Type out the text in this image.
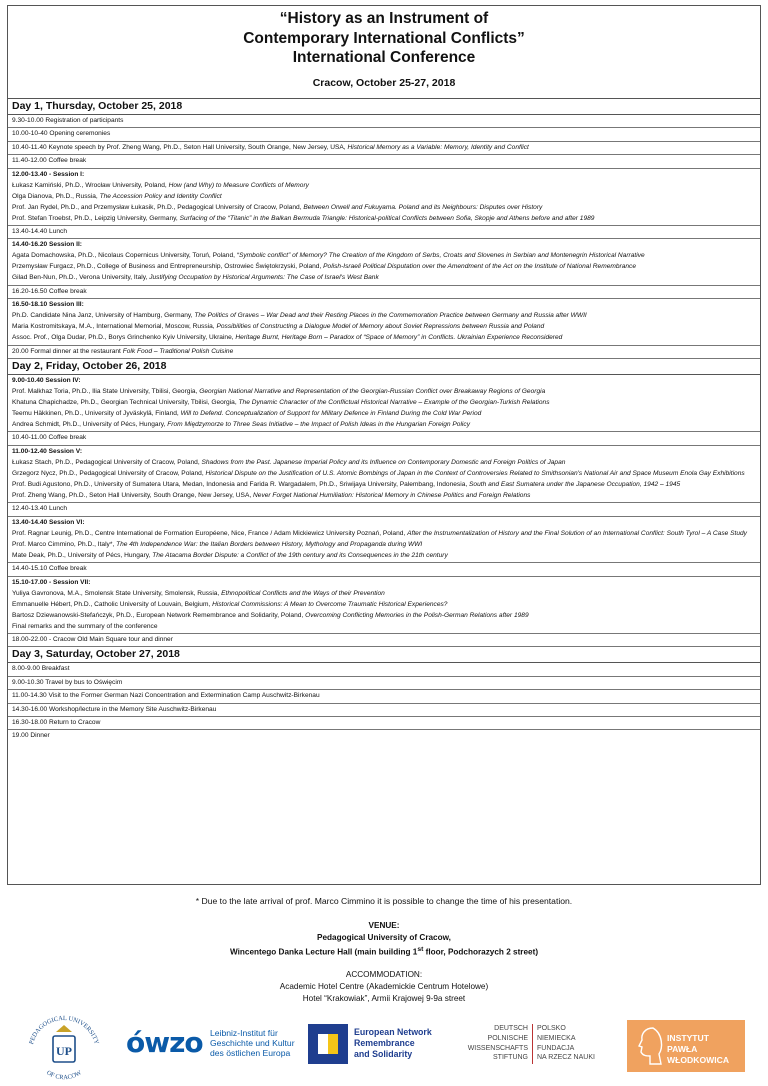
“History as an Instrument of
Contemporary International Conflicts”
International Conference
Cracow, October 25-27, 2018
Day 1, Thursday, October 25, 2018

9.30-10.00 Registration of participants

10.00-10-40 Opening ceremonies

10.40-11.40 Keynote speech by Prof. Zheng Wang, Ph.D., Seton Hall University, South Orange, New Jersey, USA, Historical Memory as a Variable: Memory, Identity and Conflict

11.40-12.00 Coffee break

12.00-13.40 - Session I:

Łukasz Kamiński, Ph.D., Wrocław University, Poland, How (and Why) to Measure Conflicts of Memory

Olga Dianova, Ph.D., Russia, The Accession Policy and Identity Conflict

Prof. Jan Rydel, Ph.D., and Przemysław Łukasik, Ph.D., Pedagogical University of Cracow, Poland, Between Orwell and Fukuyama. Poland and its Neighbours: Disputes over History

Prof. Stefan Troebst, Ph.D., Leipzig University, Germany, Surfacing of the “Titanic” in the Balkan Bermuda Triangle: Historical-political Conflicts between Sofia, Skopje and Athens before and after 1989

13.40-14.40 Lunch

14.40-16.20 Session II:

Agata Domachowska, Ph.D., Nicolaus Copernicus University, Toruń, Poland, “Symbolic conflict” of Memory? The Creation of the Kingdom of Serbs, Croats and Slovenes in Serbian and Montenegrin Historical Narrative

Przemysław Furgacz, Ph.D., College of Business and Entrepreneurship, Ostrowiec Świętokrzyski, Poland, Polish-Israeli Political Disputation over the Amendment of the Act on the Institute of National Remembrance

Gilad Ben-Nun, Ph.D., Verona University, Italy, Justifying Occupation by Historical Arguments: The Case of Israel's West Bank

16.20-16.50 Coffee break

16.50-18.10 Session III:

Ph.D. Candidate Nina Janz, University of Hamburg, Germany, The Politics of Graves – War Dead and their Resting Places in the Commemoration Practice between Germany and Russia after WWII

Maria Kostromitskaya, M.A., International Memorial, Moscow, Russia, Possibilities of Constructing a Dialogue Model of Memory about Soviet Repressions between Russia and Poland

Assoc. Prof., Olga Dudar, Ph.D., Borys Grinchenko Kyiv University, Ukraine, Heritage Burnt, Heritage Born – Paradox of “Space of Memory” in Conflicts. Ukrainian Experience Reconsidered

20.00 Formal dinner at the restaurant Folk Food – Traditional Polish Cuisine

Day 2, Friday, October 26, 2018

9.00-10.40 Session IV:

Prof. Malkhaz Toria, Ph.D., Ilia State University, Tbilisi, Georgia, Georgian National Narrative and Representation of the Georgian-Russian Conflict over Breakaway Regions of Georgia

Khatuna Chapichadze, Ph.D., Georgian Technical University, Tbilisi, Georgia, The Dynamic Character of the Conflictual Historical Narrative – Example of the Georgian-Turkish Relations

Teemu Häkkinen, Ph.D., University of Jyväskylä, Finland, Will to Defend. Conceptualization of Support for Military Defence in Finland During the Cold War Period

Andrea Schmidt, Ph.D., University of Pécs, Hungary, From Międzymorze to Three Seas Initiative – the Impact of Polish Ideas in the Hungarian Foreign Policy

10.40-11.00 Coffee break

11.00-12.40 Session V:

Łukasz Stach, Ph.D., Pedagogical University of Cracow, Poland, Shadows from the Past. Japanese Imperial Policy and its Influence on Contemporary Domestic and Foreign Politics of Japan

Grzegorz Nycz, Ph.D., Pedagogical University of Cracow, Poland, Historical Dispute on the Justification of U.S. Atomic Bombings of Japan in the Context of Controversies Related to Smithsonian's National Air and Space Museum Enola Gay Exhibitions

Prof. Budi Agustono, Ph.D., University of Sumatera Utara, Medan, Indonesia and Farida R. Wargadalem, Ph.D., Sriwijaya University, Palembang, Indonesia, South and East Sumatera under the Japanese Occupation, 1942 – 1945

Prof. Zheng Wang, Ph.D., Seton Hall University, South Orange, New Jersey, USA, Never Forget National Humiliation: Historical Memory in Chinese Politics and Foreign Relations

12.40-13.40 Lunch

13.40-14.40 Session VI:

Prof. Ragnar Leunig, Ph.D., Centre International de Formation Européene, Nice, France / Adam Mickiewicz University Poznań, Poland, After the Instrumentalization of History and the Final Solution of an International Conflict: South Tyrol – A Case Study

Prof. Marco Cimmino, Ph.D., Italy*, The 4th Independence War: the Italian Borders between History, Mythology and Propaganda during WWI

Mate Deak, Ph.D., University of Pécs, Hungary, The Atacama Border Dispute: a Conflict of the 19th century and its Consequences in the 21th century

14.40-15.10 Coffee break

15.10-17.00 - Session VII:

Yuliya Gavronova, M.A., Smolensk State University, Smolensk, Russia, Ethnopolitical Conflicts and the Ways of their Prevention

Emmanuelle Hébert, Ph.D., Catholic University of Louvain, Belgium, Historical Commissions: A Mean to Overcome Traumatic Historical Experiences?

Bartosz Dziewanowski-Stefańczyk, Ph.D., European Network Remembrance and Solidarity, Poland, Overcoming Conflicting Memories in the Polish-German Relations after 1989

Final remarks and the summary of the conference

18.00-22.00 - Cracow Old Main Square tour and dinner

Day 3, Saturday, October 27, 2018

8.00-9.00 Breakfast

9.00-10.30 Travel by bus to Oświęcim

11.00-14.30 Visit to the Former German Nazi Concentration and Extermination Camp Auschwitz-Birkenau

14.30-16.00 Workshop/lecture in the Memory Site Auschwitz-Birkenau

16.30-18.00 Return to Cracow

19.00 Dinner

* Due to the late arrival of prof. Marco Cimmino it is possible to change the time of his presentation.
VENUE:
Pedagogical University of Cracow,
Wincentego Danka Lecture Hall (main building 1st floor, Podchorazych 2 street)
ACCOMMODATION:
Academic Hotel Centre (Akademickie Centrum Hotelowe)
Hotel “Krakowiak”, Armii Krajowej 9-9a street
PEDAGOGICAL UNIVERSITY
OF CRACOW
UP ówzo Leibniz-Institut für
Geschichte und Kultur
des östlichen Europa
European Network
Remembrance
and Solidarity
DEUTSCH
POLNISCHE
WISSENSCHAFTS
STIFTUNG
POLSKO
NIEMIECKA
FUNDACJA
NA RZECZ NAUKI
INSTYTUT
PAWŁA
WŁODKOWICA
